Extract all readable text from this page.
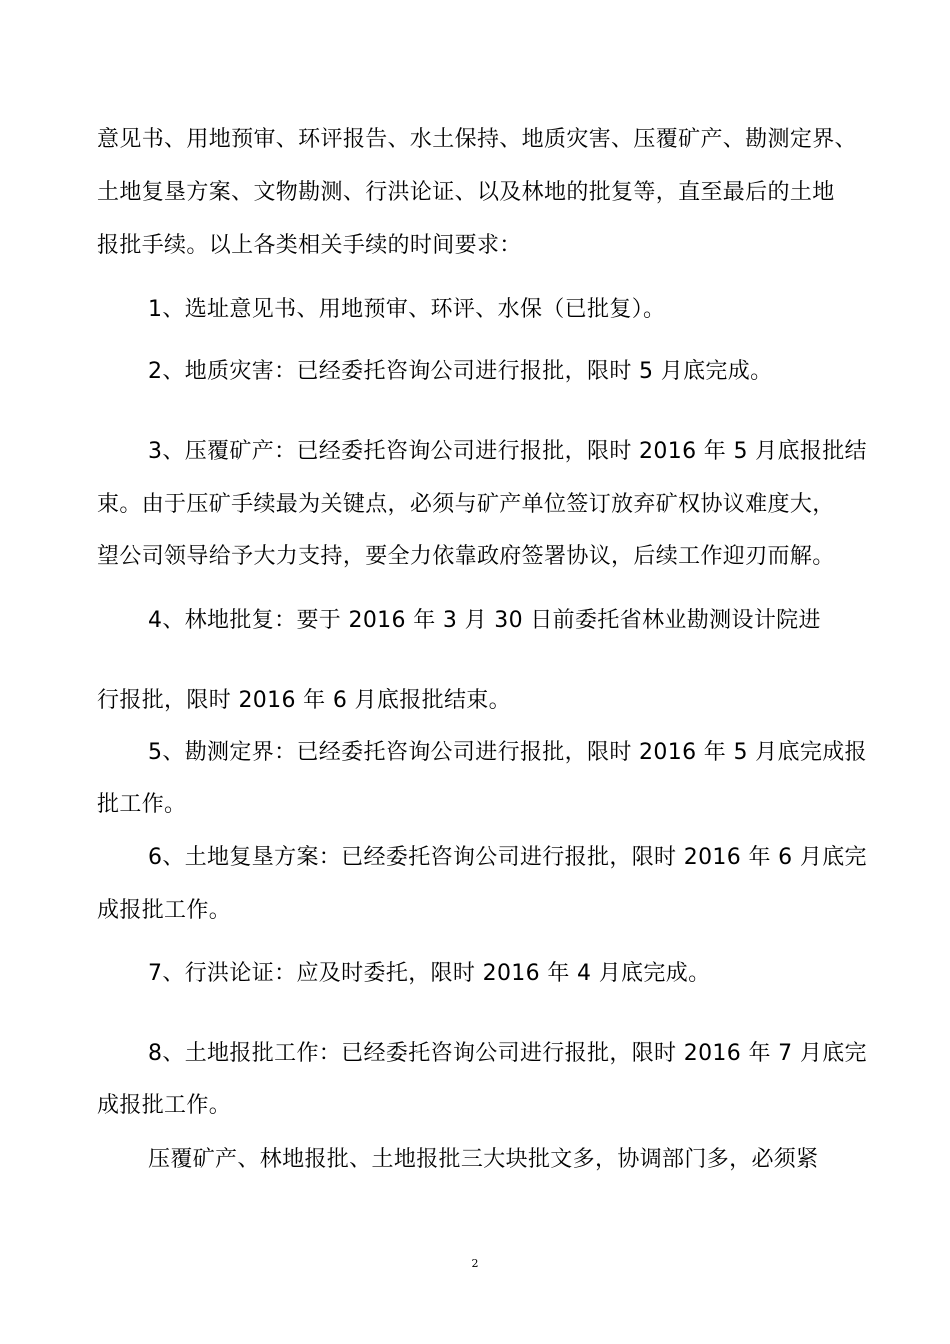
意见书、用地预审、环评报告、水土保持、地质灾害、压覆矿产、勘测定界、
土地复垦方案、文物勘测、行洪论证、以及林地的批复等，直至最后的土地
报批手续。以上各类相关手续的时间要求：
1、选址意见书、用地预审、环评、水保（已批复）。
2、地质灾害：已经委托咨询公司进行报批，限时 5 月底完成。
3、压覆矿产：已经委托咨询公司进行报批，限时 2016 年 5 月底报批结
束。由于压矿手续最为关键点，必须与矿产单位签订放弃矿权协议难度大，
望公司领导给予大力支持，要全力依靠政府签署协议，后续工作迎刃而解。
4、林地批复：要于 2016 年 3 月 30 日前委托省林业勘测设计院进
行报批，限时 2016 年 6 月底报批结束。
5、勘测定界：已经委托咨询公司进行报批，限时 2016 年 5 月底完成报
批工作。
6、土地复垦方案：已经委托咨询公司进行报批，限时 2016 年 6 月底完
成报批工作。
7、行洪论证：应及时委托，限时 2016 年 4 月底完成。
8、土地报批工作：已经委托咨询公司进行报批，限时 2016 年 7 月底完
成报批工作。
压覆矿产、林地报批、土地报批三大块批文多，协调部门多，必须紧
2
